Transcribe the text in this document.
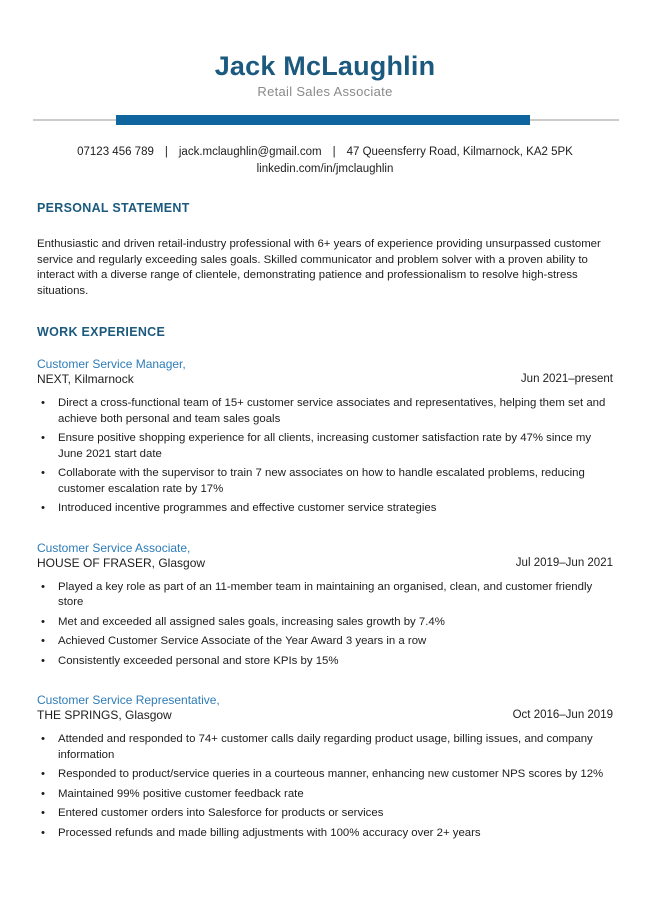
Jack McLaughlin
Retail Sales Associate
07123 456 789 | jack.mclaughlin@gmail.com | 47 Queensferry Road, Kilmarnock, KA2 5PK
linkedin.com/in/jmclaughlin
PERSONAL STATEMENT

Enthusiastic and driven retail-industry professional with 6+ years of experience providing unsurpassed customer service and regularly exceeding sales goals. Skilled communicator and problem solver with a proven ability to interact with a diverse range of clientele, demonstrating patience and professionalism to resolve high-stress situations.

WORK EXPERIENCE
Customer Service Manager,
NEXT, Kilmarnock	Jun 2021–present
• Direct a cross-functional team of 15+ customer service associates and representatives, helping them set and achieve both personal and team sales goals
• Ensure positive shopping experience for all clients, increasing customer satisfaction rate by 47% since my June 2021 start date
• Collaborate with the supervisor to train 7 new associates on how to handle escalated problems, reducing customer escalation rate by 17%
• Introduced incentive programmes and effective customer service strategies
Customer Service Associate,
HOUSE OF FRASER, Glasgow	Jul 2019–Jun 2021
• Played a key role as part of an 11-member team in maintaining an organised, clean, and customer friendly store
• Met and exceeded all assigned sales goals, increasing sales growth by 7.4%
• Achieved Customer Service Associate of the Year Award 3 years in a row
• Consistently exceeded personal and store KPIs by 15%
Customer Service Representative,
THE SPRINGS, Glasgow	Oct 2016–Jun 2019
• Attended and responded to 74+ customer calls daily regarding product usage, billing issues, and company information
• Responded to product/service queries in a courteous manner, enhancing new customer NPS scores by 12%
• Maintained 99% positive customer feedback rate
• Entered customer orders into Salesforce for products or services
• Processed refunds and made billing adjustments with 100% accuracy over 2+ years
